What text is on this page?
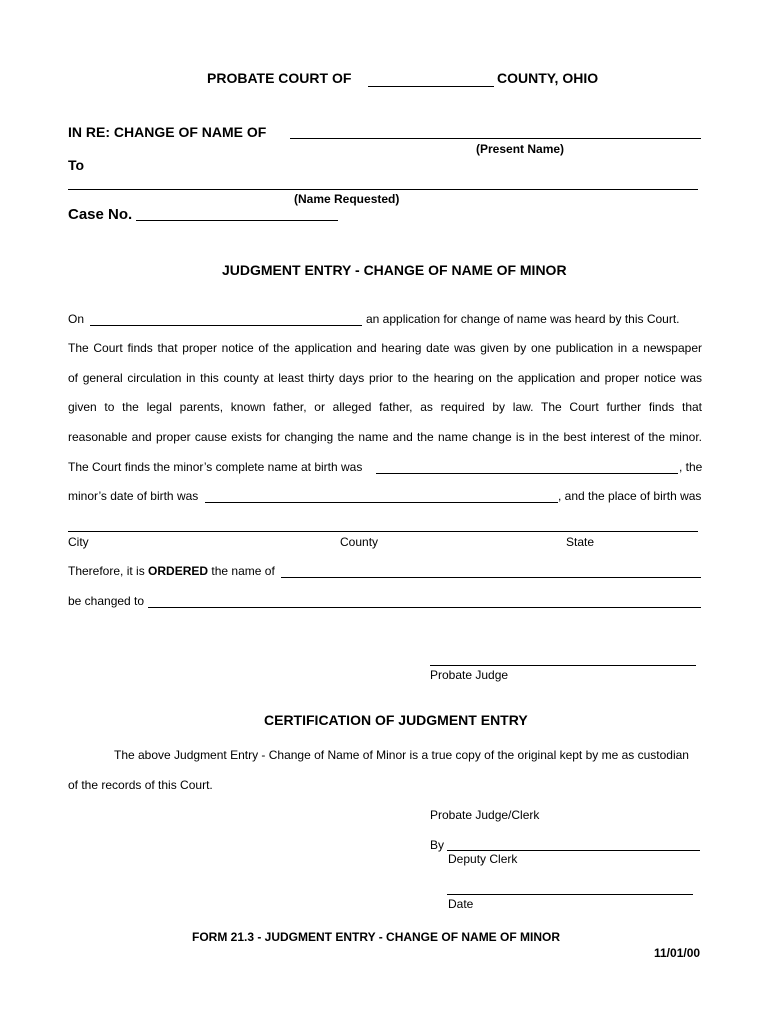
PROBATE COURT OF	COUNTY, OHIO
IN RE: CHANGE OF NAME OF
(Present Name)
To
(Name Requested)
Case No.
JUDGMENT ENTRY - CHANGE OF NAME OF MINOR
On	an application for change of name was heard by this Court.
The Court finds that proper notice of the application and hearing date was given by one publication in a newspaper
of general circulation in this county at least thirty days prior to the hearing on the application and proper notice was
given to the legal parents, known father, or alleged father, as required by law. The Court further finds that
reasonable and proper cause exists for changing the name and the name change is in the best interest of the minor.
The Court finds the minor’s complete name at birth was	, the
minor’s date of birth was	, and the place of birth was
City	County	State
Therefore, it is ORDERED the name of
be changed to
Probate Judge
CERTIFICATION OF JUDGMENT ENTRY
The above Judgment Entry - Change of Name of Minor is a true copy of the original kept by me as custodian
of the records of this Court.
Probate Judge/Clerk
By
Deputy Clerk
Date
FORM 21.3 - JUDGMENT ENTRY - CHANGE OF NAME OF MINOR
11/01/00
